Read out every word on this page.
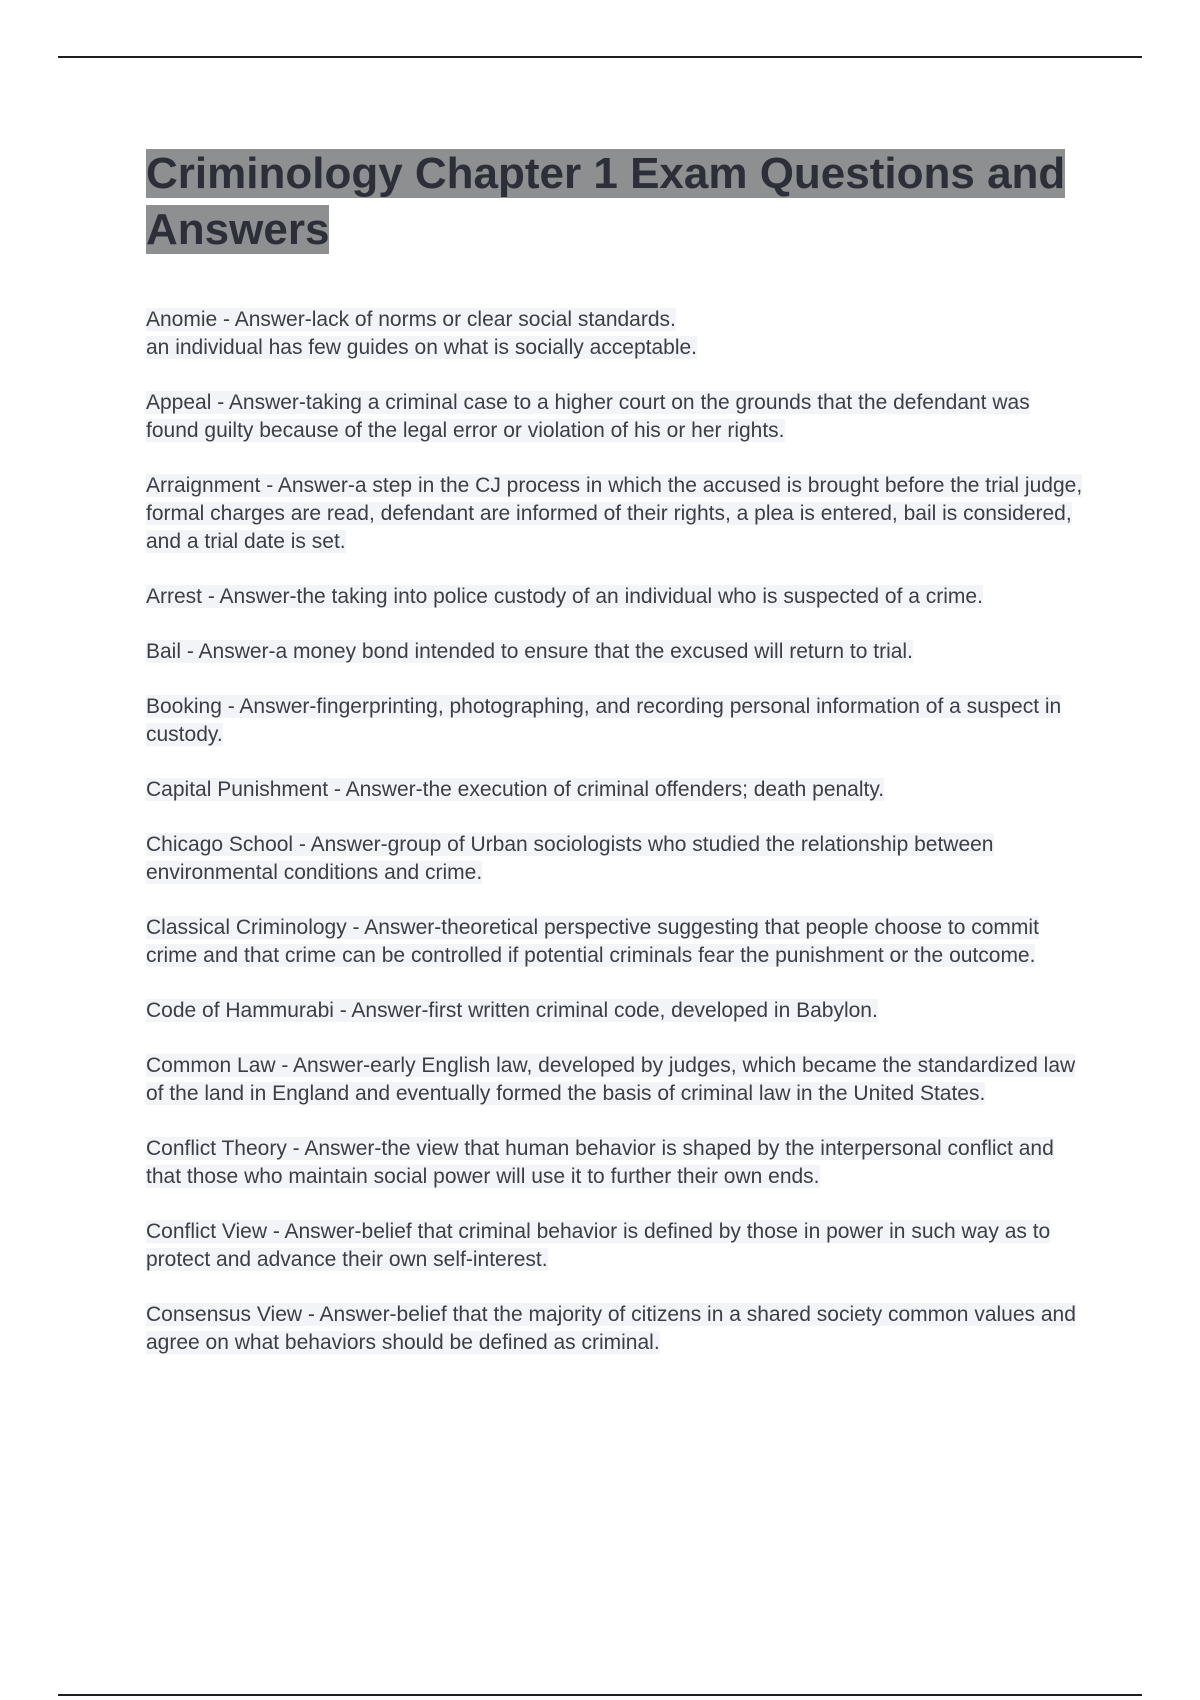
Criminology Chapter 1 Exam Questions and Answers

Anomie - Answer-lack of norms or clear social standards.
an individual has few guides on what is socially acceptable.

Appeal - Answer-taking a criminal case to a higher court on the grounds that the defendant was found guilty because of the legal error or violation of his or her rights.

Arraignment - Answer-a step in the CJ process in which the accused is brought before the trial judge, formal charges are read, defendant are informed of their rights, a plea is entered, bail is considered, and a trial date is set.

Arrest - Answer-the taking into police custody of an individual who is suspected of a crime.

Bail - Answer-a money bond intended to ensure that the excused will return to trial.

Booking - Answer-fingerprinting, photographing, and recording personal information of a suspect in custody.

Capital Punishment - Answer-the execution of criminal offenders; death penalty.

Chicago School - Answer-group of Urban sociologists who studied the relationship between environmental conditions and crime.

Classical Criminology - Answer-theoretical perspective suggesting that people choose to commit crime and that crime can be controlled if potential criminals fear the punishment or the outcome.

Code of Hammurabi - Answer-first written criminal code, developed in Babylon.

Common Law - Answer-early English law, developed by judges, which became the standardized law of the land in England and eventually formed the basis of criminal law in the United States.

Conflict Theory - Answer-the view that human behavior is shaped by the interpersonal conflict and that those who maintain social power will use it to further their own ends.

Conflict View - Answer-belief that criminal behavior is defined by those in power in such way as to protect and advance their own self-interest.

Consensus View - Answer-belief that the majority of citizens in a shared society common values and agree on what behaviors should be defined as criminal.
